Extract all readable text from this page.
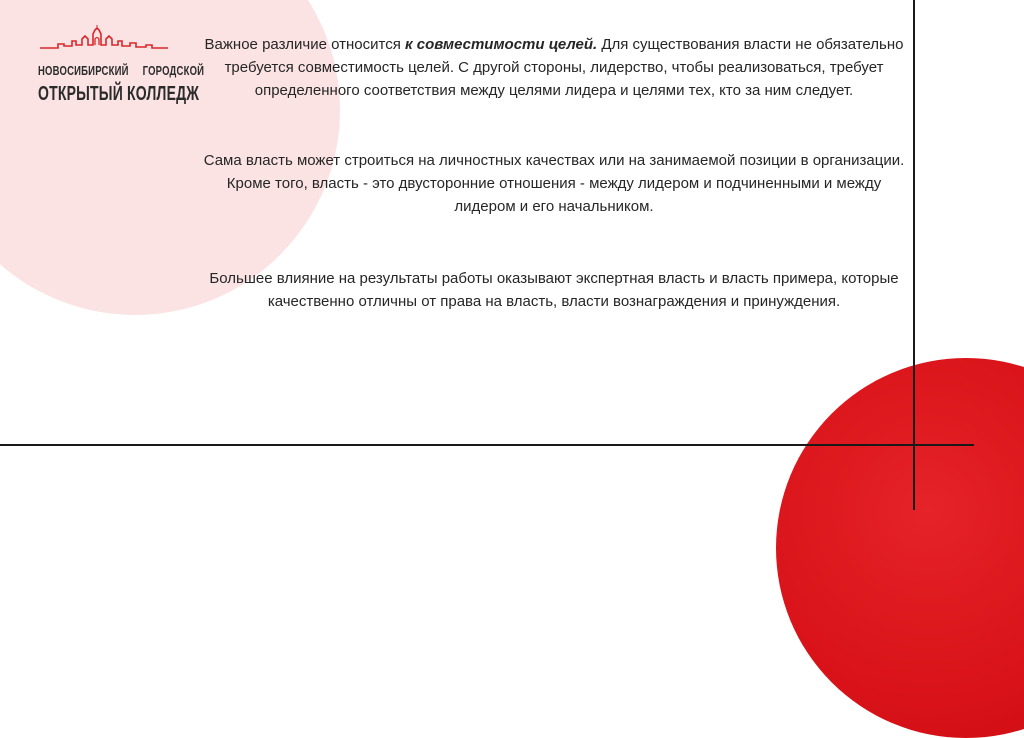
НОВОСИБИРСКИЙ ГОРОДСКОЙ
ОТКРЫТЫЙ КОЛЛЕДЖ

Важное различие относится к совместимости целей. Для существования власти не обязательно требуется совместимость целей. С другой стороны, лидерство, чтобы реализоваться, требует определенного соответствия между целями лидера и целями тех, кто за ним следует.

Сама власть может строиться на личностных качествах или на занимаемой позиции в организации. Кроме того, власть - это двусторонние отношения - между лидером и подчиненными и между лидером и его начальником.

Большее влияние на результаты работы оказывают экспертная власть и власть примера, которые качественно отличны от права на власть, власти вознаграждения и принуждения.
